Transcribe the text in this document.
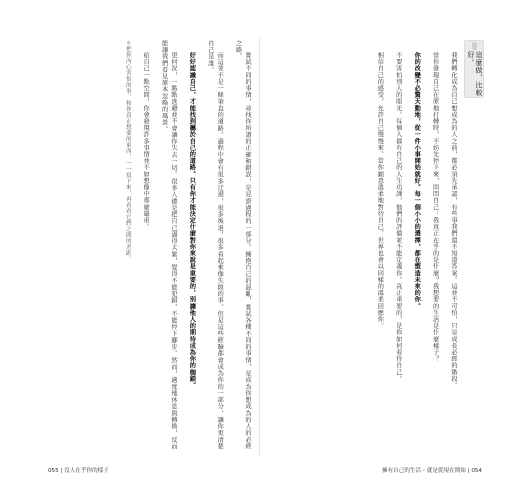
嘗試不同的事情，尋找你所謂的正確和錯誤，是見證過程的一部分。擁抱自己的混亂，嘗試各種不同的事情，是成為你想成為的人的必經之路。

而這並不是一條筆直的道路。過程中會有很多迂迴，很多後退，很多看起來像失敗的事。但是這些經驗都會成為你的一部分，讓你更清楚自己是誰。

好好認識自己，才能找到屬於自己的道路。只有你才能決定什麼對你來說是重要的，別讓他人的期待成為你的枷鎖。

更何況，一點點逃避並不會讓你失去一切。很多人總是把自己逼得太緊，覺得不能犯錯、不能停下腳步。然而，適度地休息與轉換，反而能讓我們看見原本忽略的風景。

給自己一點空間，你會發現許多事情並不如想像中那麼嚴重。

＊把你內心害怕的事，和你真正想要的東西，一一寫下來，再看看它們之間的差距。	我們轉化成為自己想成為的人之前，都必須先承認，有些事我們還不知道答案。這並不可怕，只是成長必經的階段。

當你發現自己在原地打轉時，不妨先停下來，問問自己：我真正在乎的是什麼？我想要的生活是什麼樣子？

你的改變不必驚天動地，從一件小事開始就好。每一個小小的選擇，都在塑造未來的你。

不要害怕別人的眼光。每個人都有自己的人生功課，他們的評價並不能定義你。真正重要的，是你如何看待自己。

相信自己的感受，允許自己慢慢來。當你願意溫柔地對待自己，世界也會以同樣的溫柔回應你。	這麼做，比較好。
055 | 沒人在乎你的樣子	擁有自己的生活・就是從現在開始 | 054
